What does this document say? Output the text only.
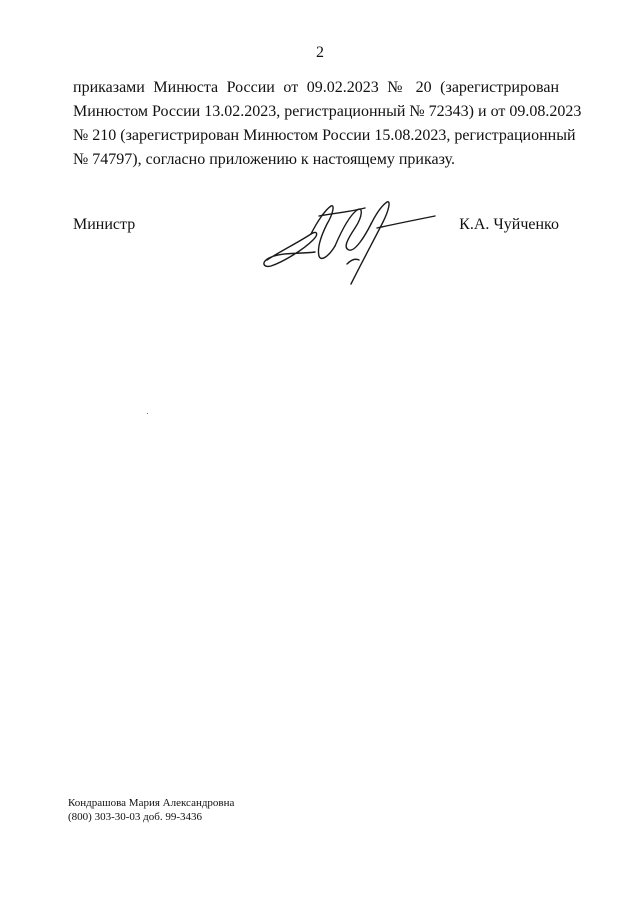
2
приказами Минюста России от 09.02.2023 № 20 (зарегистрирован
Минюстом России 13.02.2023, регистрационный № 72343) и от 09.08.2023
№ 210 (зарегистрирован Минюстом России 15.08.2023, регистрационный
№ 74797), согласно приложению к настоящему приказу.
Министр	К.А. Чуйченко
Кондрашова Мария Александровна
(800) 303-30-03 доб. 99-3436
